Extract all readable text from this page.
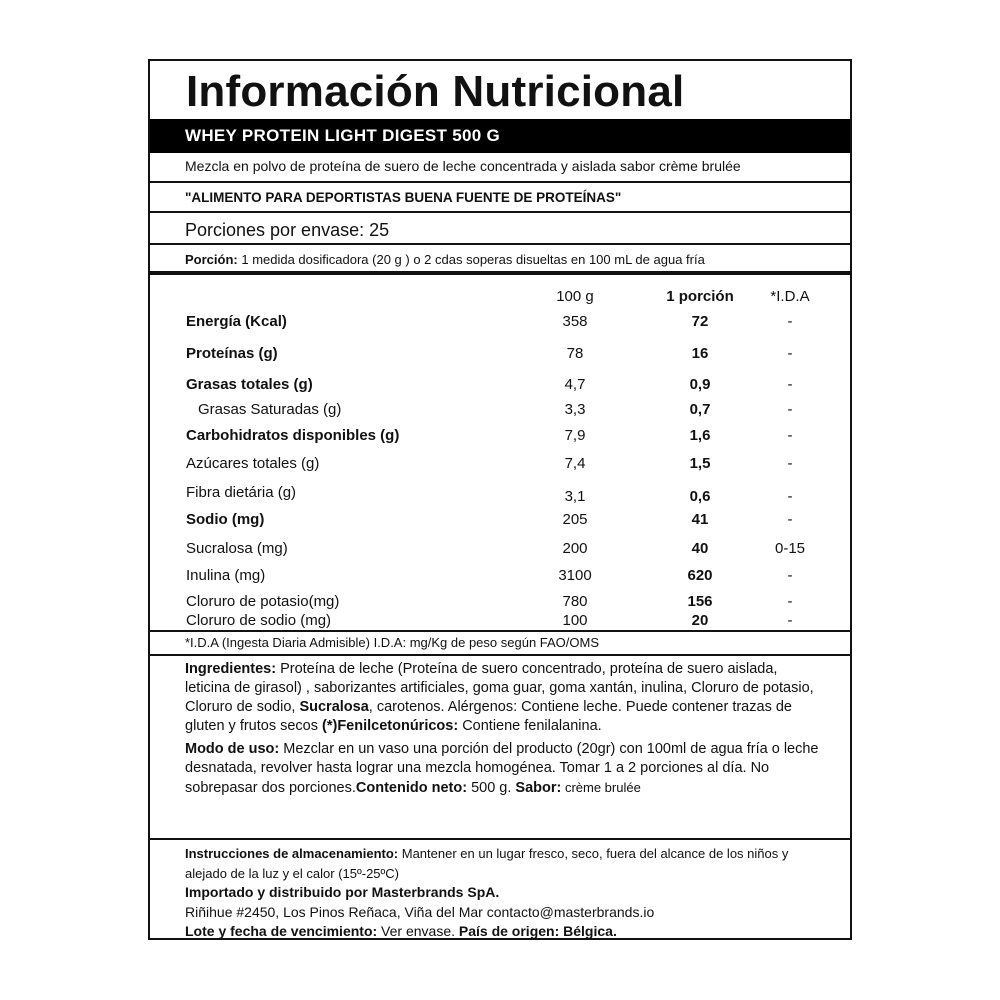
Información Nutricional
WHEY PROTEIN LIGHT DIGEST 500 G
Mezcla en polvo de proteína de suero de leche concentrada y aislada sabor crème brulée
"ALIMENTO PARA DEPORTISTAS BUENA FUENTE DE PROTEÍNAS"
Porciones por envase: 25
Porción: 1 medida dosificadora (20 g ) o 2 cdas soperas disueltas en 100 mL de agua fría
100 g	1 porción	*I.D.A
Energía (Kcal)	358	72	-
Proteínas (g)	78	16	-
Grasas totales (g)	4,7	0,9	-
Grasas Saturadas (g)	3,3	0,7	-
Carbohidratos disponibles (g)	7,9	1,6	-
Azúcares totales (g)	7,4	1,5	-
Fibra dietária (g)	3,1	0,6	-
Sodio (mg)	205	41	-
Sucralosa (mg)	200	40	0-15
Inulina (mg)	3100	620	-
Cloruro de potasio(mg)	780	156	-
Cloruro de sodio (mg)	100	20	-
*I.D.A (Ingesta Diaria Admisible) I.D.A: mg/Kg de peso según FAO/OMS

Ingredientes: Proteína de leche (Proteína de suero concentrado, proteína de suero aislada, leticina de girasol) , saborizantes artificiales, goma guar, goma xantán, inulina, Cloruro de potasio, Cloruro de sodio, Sucralosa, carotenos. Alérgenos: Contiene leche. Puede contener trazas de gluten y frutos secos (*)Fenilcetonúricos: Contiene fenilalanina.

Modo de uso: Mezclar en un vaso una porción del producto (20gr) con 100ml de agua fría o leche desnatada, revolver hasta lograr una mezcla homogénea. Tomar 1 a 2 porciones al día. No sobrepasar dos porciones.Contenido neto: 500 g. Sabor: crème brulée

Instrucciones de almacenamiento: Mantener en un lugar fresco, seco, fuera del alcance de los niños y alejado de la luz y el calor (15º-25ºC)

Importado y distribuido por Masterbrands SpA.

Riñihue #2450, Los Pinos Reñaca, Viña del Mar contacto@masterbrands.io

Lote y fecha de vencimiento: Ver envase. País de origen: Bélgica.
